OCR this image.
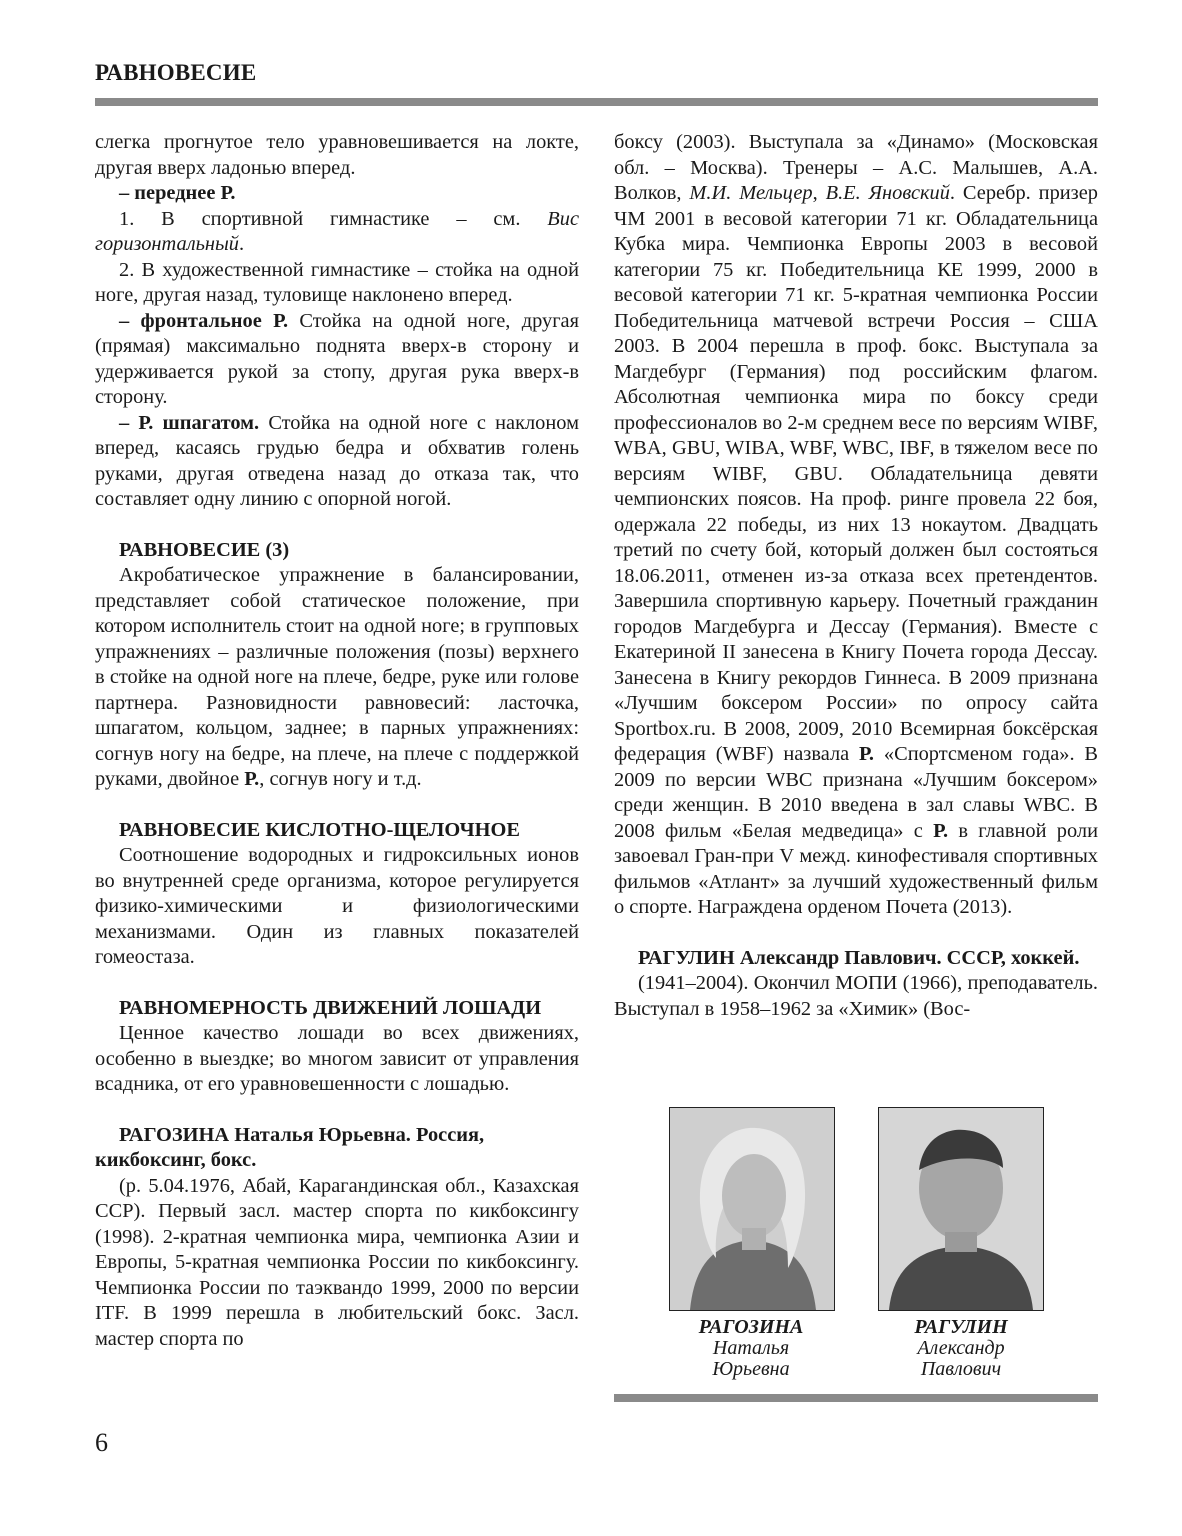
РАВНОВЕСИЕ

слегка прогнутое тело уравновешивается на локте, другая вверх ладонью вперед.

– переднее Р.

1. В спортивной гимнастике – см. Вис горизонтальный.

2. В художественной гимнастике – стойка на одной ноге, другая назад, туловище наклонено вперед.

– фронтальное Р. Стойка на одной ноге, другая (прямая) максимально поднята вверх-в сторону и удерживается рукой за стопу, другая рука вверх-в сторону.

– Р. шпагатом. Стойка на одной ноге с наклоном вперед, касаясь грудью бедра и обхватив голень руками, другая отведена назад до отказа так, что составляет одну линию с опорной ногой.

РАВНОВЕСИЕ (3)

Акробатическое упражнение в балансировании, представляет собой статическое положение, при котором исполнитель стоит на одной ноге; в групповых упражнениях – различные положения (позы) верхнего в стойке на одной ноге на плече, бедре, руке или голове партнера. Разновидности равновесий: ласточка, шпагатом, кольцом, заднее; в парных упражнениях: согнув ногу на бедре, на плече, на плече с поддержкой руками, двойное Р., согнув ногу и т.д.

РАВНОВЕСИЕ КИСЛОТНО-ЩЕЛОЧНОЕ

Соотношение водородных и гидроксильных ионов во внутренней среде организма, которое регулируется физико-химическими и физиологическими механизмами. Один из главных показателей гомеостаза.

РАВНОМЕРНОСТЬ ДВИЖЕНИЙ ЛОШАДИ

Ценное качество лошади во всех движениях, особенно в выездке; во многом зависит от управления всадника, от его уравновешенности с лошадью.

РАГОЗИНА Наталья Юрьевна. Россия, кикбоксинг, бокс.

(р. 5.04.1976, Абай, Карагандинская обл., Казахская ССР). Первый засл. мастер спорта по кикбоксингу (1998). 2-кратная чемпионка мира, чемпионка Азии и Европы, 5-кратная чемпионка России по кикбоксингу. Чемпионка России по таэквандо 1999, 2000 по версии ITF. В 1999 перешла в любительский бокс. Засл. мастер спорта по

боксу (2003). Выступала за «Динамо» (Московская обл. – Москва). Тренеры – А.С. Малышев, А.А. Волков, М.И. Мельцер, В.Е. Яновский. Серебр. призер ЧМ 2001 в весовой категории 71 кг. Обладательница Кубка мира. Чемпионка Европы 2003 в весовой категории 75 кг. Победительница КЕ 1999, 2000 в весовой категории 71 кг. 5-кратная чемпионка России Победительница матчевой встречи Россия – США 2003. В 2004 перешла в проф. бокс. Выступала за Магдебург (Германия) под российским флагом. Абсолютная чемпионка мира по боксу среди профессионалов во 2-м среднем весе по версиям WIBF, WBA, GBU, WIBA, WBF, WBC, IBF, в тяжелом весе по версиям WIBF, GBU. Обладательница девяти чемпионских поясов. На проф. ринге провела 22 боя, одержала 22 победы, из них 13 нокаутом. Двадцать третий по счету бой, который должен был состояться 18.06.2011, отменен из-за отказа всех претендентов. Завершила спортивную карьеру. Почетный гражданин городов Магдебурга и Дессау (Германия). Вместе с Екатериной II занесена в Книгу Почета города Дессау. Занесена в Книгу рекордов Гиннеса. В 2009 признана «Лучшим боксером России» по опросу сайта Sportbox.ru. В 2008, 2009, 2010 Всемирная боксёрская федерация (WBF) назвала Р. «Спортсменом года». В 2009 по версии WBC признана «Лучшим боксером» среди женщин. В 2010 введена в зал славы WBC. В 2008 фильм «Белая медведица» с Р. в главной роли завоевал Гран-при V межд. кинофестиваля спортивных фильмов «Атлант» за лучший художественный фильм о спорте. Награждена орденом Почета (2013).

РАГУЛИН Александр Павлович. СССР, хоккей.

(1941–2004). Окончил МОПИ (1966), преподаватель. Выступал в 1958–1962 за «Химик» (Вос-

РАГОЗИНА
Наталья
Юрьевна
РАГУЛИН
Александр
Павлович
6
